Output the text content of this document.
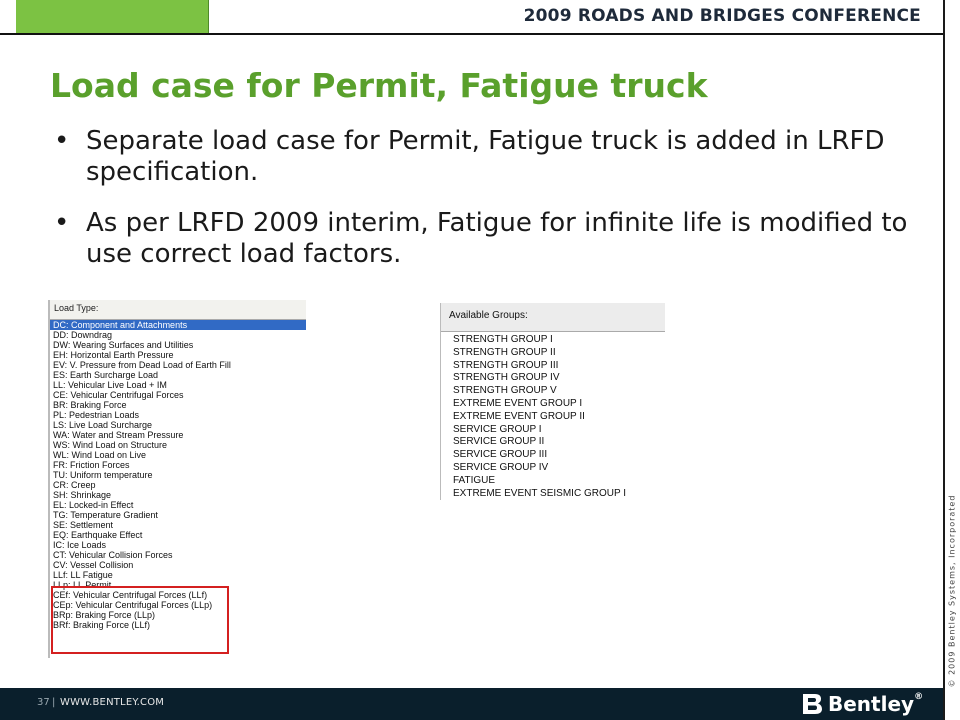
2009 ROADS AND BRIDGES CONFERENCE
© 2009 Bentley Systems, Incorporated
Load case for Permit, Fatigue truck
• Separate load case for Permit, Fatigue truck is added in LRFD specification.
• As per LRFD 2009 interim, Fatigue for infinite life is modified to use correct load factors.
Load Type:
DC: Component and Attachments
DD: Downdrag
DW: Wearing Surfaces and Utilities
EH: Horizontal Earth Pressure
EV: V. Pressure from Dead Load of Earth Fill
ES: Earth Surcharge Load
LL: Vehicular Live Load + IM
CE: Vehicular Centrifugal Forces
BR: Braking Force
PL: Pedestrian Loads
LS: Live Load Surcharge
WA: Water and Stream Pressure
WS: Wind Load on Structure
WL: Wind Load on Live
FR: Friction Forces
TU: Uniform temperature
CR: Creep
SH: Shrinkage
EL: Locked-in Effect
TG: Temperature Gradient
SE: Settlement
EQ: Earthquake Effect
IC: Ice Loads
CT: Vehicular Collision Forces
CV: Vessel Collision
LLf: LL Fatigue
LLp: LL Permit
CEf: Vehicular Centrifugal Forces (LLf)
CEp: Vehicular Centrifugal Forces (LLp)
BRp: Braking Force (LLp)
BRf: Braking Force (LLf)
Available Groups:
STRENGTH GROUP I
STRENGTH GROUP II
STRENGTH GROUP III
STRENGTH GROUP IV
STRENGTH GROUP V
EXTREME EVENT GROUP I
EXTREME EVENT GROUP II
SERVICE GROUP I
SERVICE GROUP II
SERVICE GROUP III
SERVICE GROUP IV
FATIGUE
EXTREME EVENT SEISMIC GROUP I
37 | WWW.BENTLEY.COM	Bentley®
